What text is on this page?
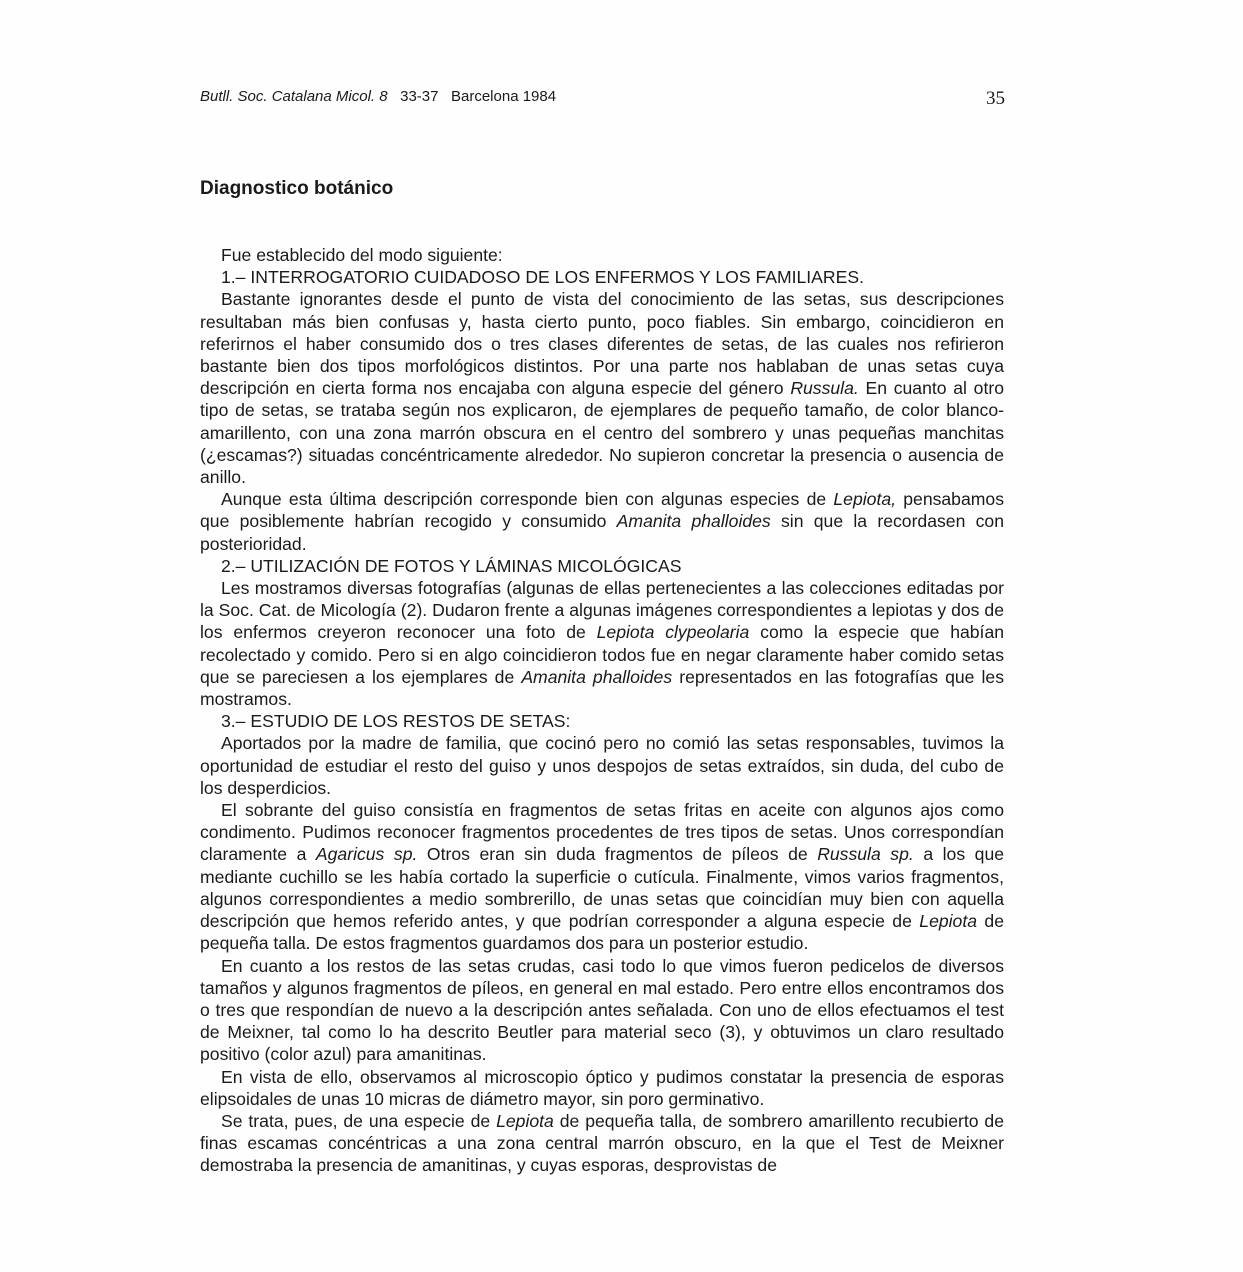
Butll. Soc. Catalana Micol. 8 33-37 Barcelona 1984	35
Diagnostico botánico

Fue establecido del modo siguiente:

1.– INTERROGATORIO CUIDADOSO DE LOS ENFERMOS Y LOS FAMILIARES.

Bastante ignorantes desde el punto de vista del conocimiento de las setas, sus descripciones resultaban más bien confusas y, hasta cierto punto, poco fiables. Sin embargo, coincidieron en referirnos el haber consumido dos o tres clases diferentes de setas, de las cuales nos refirieron bastante bien dos tipos morfológicos distintos. Por una parte nos hablaban de unas setas cuya descripción en cierta forma nos encajaba con alguna especie del género Russula. En cuanto al otro tipo de setas, se trataba según nos explicaron, de ejemplares de pequeño tamaño, de color blanco-amarillento, con una zona marrón obscura en el centro del sombrero y unas pequeñas manchitas (¿escamas?) situadas concéntricamente alrededor. No supieron concretar la presencia o ausencia de anillo.

Aunque esta última descripción corresponde bien con algunas especies de Lepiota, pensabamos que posiblemente habrían recogido y consumido Amanita phalloides sin que la recordasen con posterioridad.

2.– UTILIZACIÓN DE FOTOS Y LÁMINAS MICOLÓGICAS

Les mostramos diversas fotografías (algunas de ellas pertenecientes a las colecciones editadas por la Soc. Cat. de Micología (2). Dudaron frente a algunas imágenes correspondientes a lepiotas y dos de los enfermos creyeron reconocer una foto de Lepiota clypeolaria como la especie que habían recolectado y comido. Pero si en algo coincidieron todos fue en negar claramente haber comido setas que se pareciesen a los ejemplares de Amanita phalloides representados en las fotografías que les mostramos.

3.– ESTUDIO DE LOS RESTOS DE SETAS:

Aportados por la madre de familia, que cocinó pero no comió las setas responsables, tuvimos la oportunidad de estudiar el resto del guiso y unos despojos de setas extraídos, sin duda, del cubo de los desperdicios.

El sobrante del guiso consistía en fragmentos de setas fritas en aceite con algunos ajos como condimento. Pudimos reconocer fragmentos procedentes de tres tipos de setas. Unos correspondían claramente a Agaricus sp. Otros eran sin duda fragmentos de píleos de Russula sp. a los que mediante cuchillo se les había cortado la superficie o cutícula. Finalmente, vimos varios fragmentos, algunos correspondientes a medio sombrerillo, de unas setas que coincidían muy bien con aquella descripción que hemos referido antes, y que podrían corresponder a alguna especie de Lepiota de pequeña talla. De estos fragmentos guardamos dos para un posterior estudio.

En cuanto a los restos de las setas crudas, casi todo lo que vimos fueron pedicelos de diversos tamaños y algunos fragmentos de píleos, en general en mal estado. Pero entre ellos encontramos dos o tres que respondían de nuevo a la descripción antes señalada. Con uno de ellos efectuamos el test de Meixner, tal como lo ha descrito Beutler para material seco (3), y obtuvimos un claro resultado positivo (color azul) para amanitinas.

En vista de ello, observamos al microscopio óptico y pudimos constatar la presencia de esporas elipsoidales de unas 10 micras de diámetro mayor, sin poro germinativo.

Se trata, pues, de una especie de Lepiota de pequeña talla, de sombrero amarillento recubierto de finas escamas concéntricas a una zona central marrón obscuro, en la que el Test de Meixner demostraba la presencia de amanitinas, y cuyas esporas, desprovistas de
